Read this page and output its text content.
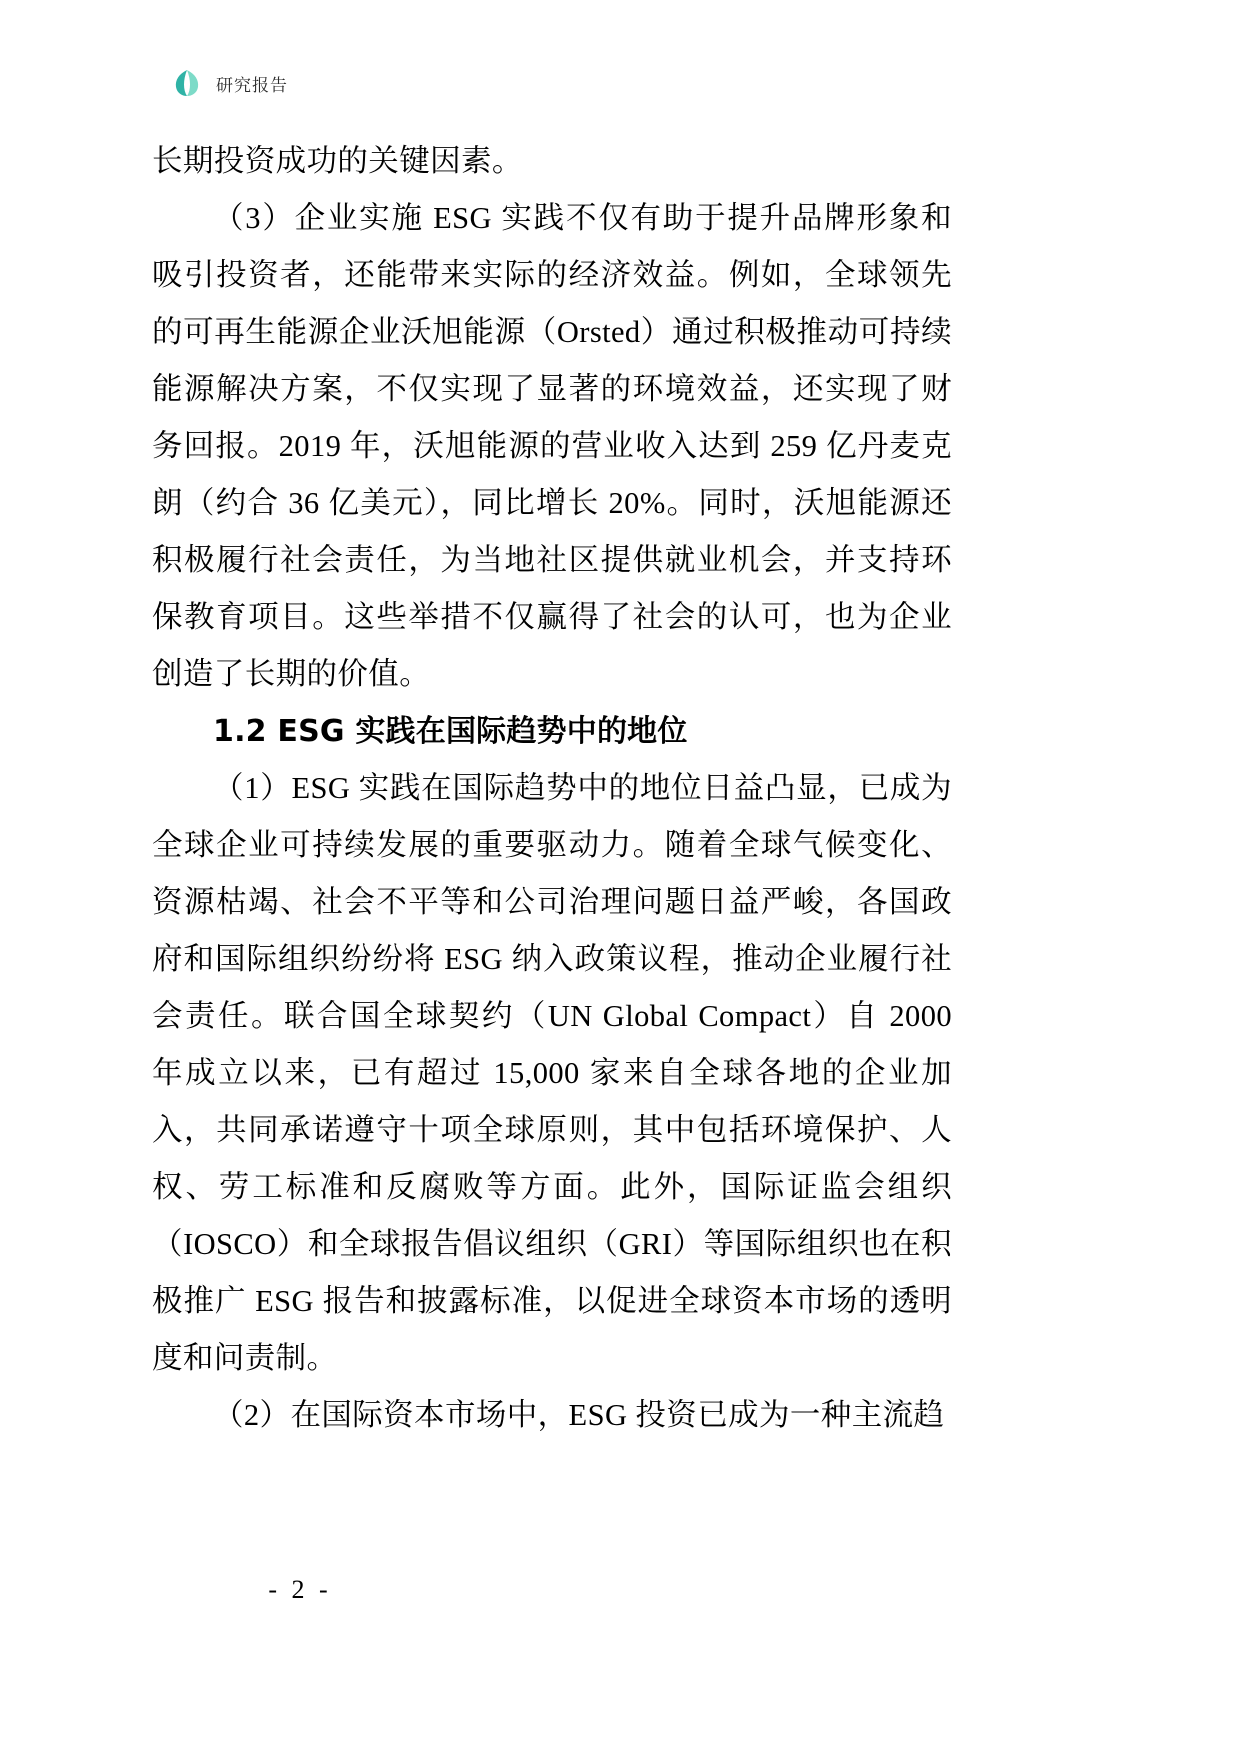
研究报告

长期投资成功的关键因素。

（3）企业实施 ESG 实践不仅有助于提升品牌形象和吸引投资者，还能带来实际的经济效益。例如，全球领先的可再生能源企业沃旭能源（Orsted）通过积极推动可持续能源解决方案，不仅实现了显著的环境效益，还实现了财务回报。2019 年，沃旭能源的营业收入达到 259 亿丹麦克朗（约合 36 亿美元），同比增长 20%。同时，沃旭能源还积极履行社会责任，为当地社区提供就业机会，并支持环保教育项目。这些举措不仅赢得了社会的认可，也为企业创造了长期的价值。

1.2 ESG 实践在国际趋势中的地位

（1）ESG 实践在国际趋势中的地位日益凸显，已成为全球企业可持续发展的重要驱动力。随着全球气候变化、资源枯竭、社会不平等和公司治理问题日益严峻，各国政府和国际组织纷纷将 ESG 纳入政策议程，推动企业履行社会责任。联合国全球契约（UN Global Compact）自 2000 年成立以来，已有超过 15,000 家来自全球各地的企业加入，共同承诺遵守十项全球原则，其中包括环境保护、人权、劳工标准和反腐败等方面。此外，国际证监会组织（IOSCO）和全球报告倡议组织（GRI）等国际组织也在积极推广 ESG 报告和披露标准，以促进全球资本市场的透明度和问责制。

（2）在国际资本市场中，ESG 投资已成为一种主流趋

- 2 -
